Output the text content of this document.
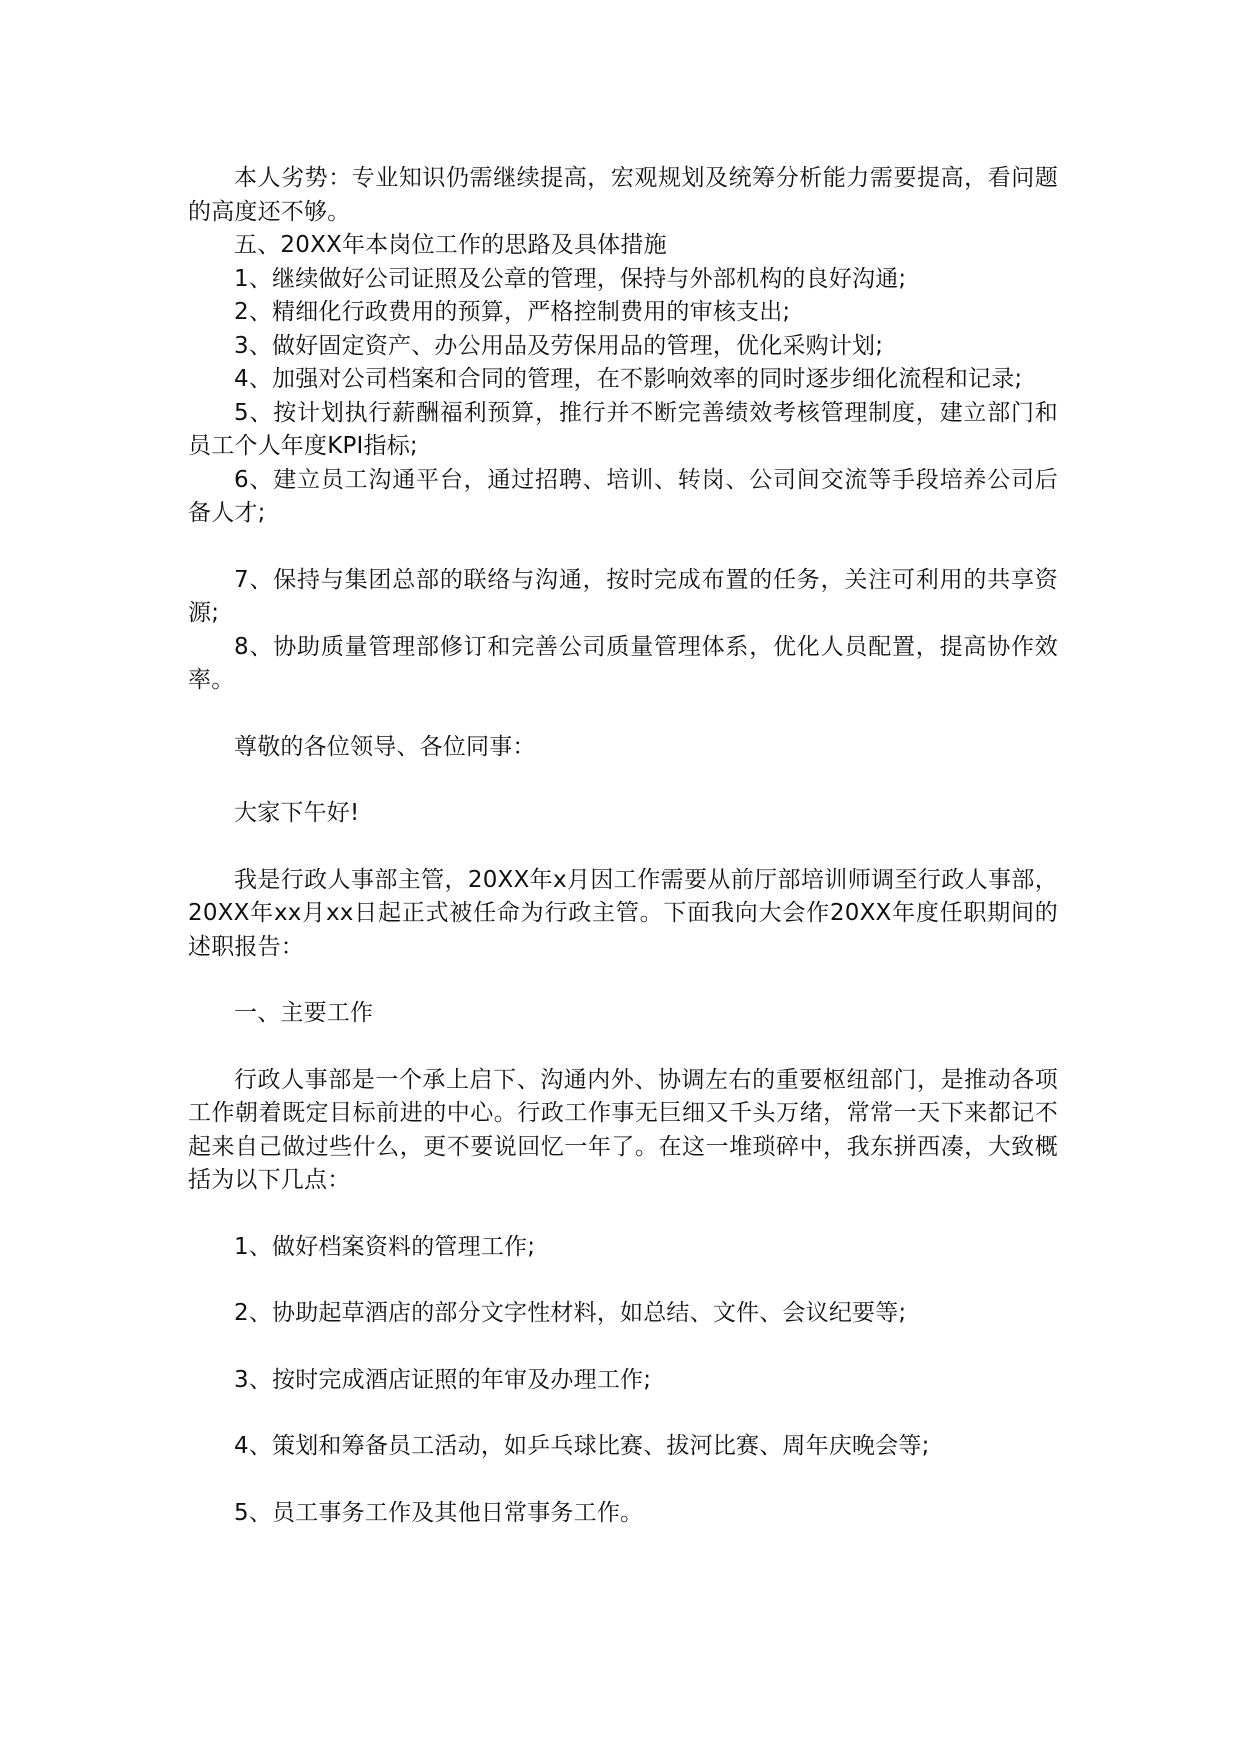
本人劣势：专业知识仍需继续提高，宏观规划及统筹分析能力需要提高，看问题的高度还不够。

五、20XX年本岗位工作的思路及具体措施

1、继续做好公司证照及公章的管理，保持与外部机构的良好沟通;

2、精细化行政费用的预算，严格控制费用的审核支出;

3、做好固定资产、办公用品及劳保用品的管理，优化采购计划;

4、加强对公司档案和合同的管理，在不影响效率的同时逐步细化流程和记录;

5、按计划执行薪酬福利预算，推行并不断完善绩效考核管理制度，建立部门和员工个人年度KPI指标;

6、建立员工沟通平台，通过招聘、培训、转岗、公司间交流等手段培养公司后备人才;

7、保持与集团总部的联络与沟通，按时完成布置的任务，关注可利用的共享资源;

8、协助质量管理部修订和完善公司质量管理体系，优化人员配置，提高协作效率。

尊敬的各位领导、各位同事：

大家下午好!

我是行政人事部主管，20XX年x月因工作需要从前厅部培训师调至行政人事部，20XX年xx月xx日起正式被任命为行政主管。下面我向大会作20XX年度任职期间的述职报告：

一、主要工作

行政人事部是一个承上启下、沟通内外、协调左右的重要枢纽部门，是推动各项工作朝着既定目标前进的中心。行政工作事无巨细又千头万绪，常常一天下来都记不起来自己做过些什么，更不要说回忆一年了。在这一堆琐碎中，我东拼西凑，大致概括为以下几点：

1、做好档案资料的管理工作;

2、协助起草酒店的部分文字性材料，如总结、文件、会议纪要等;

3、按时完成酒店证照的年审及办理工作;

4、策划和筹备员工活动，如乒乓球比赛、拔河比赛、周年庆晚会等;

5、员工事务工作及其他日常事务工作。
